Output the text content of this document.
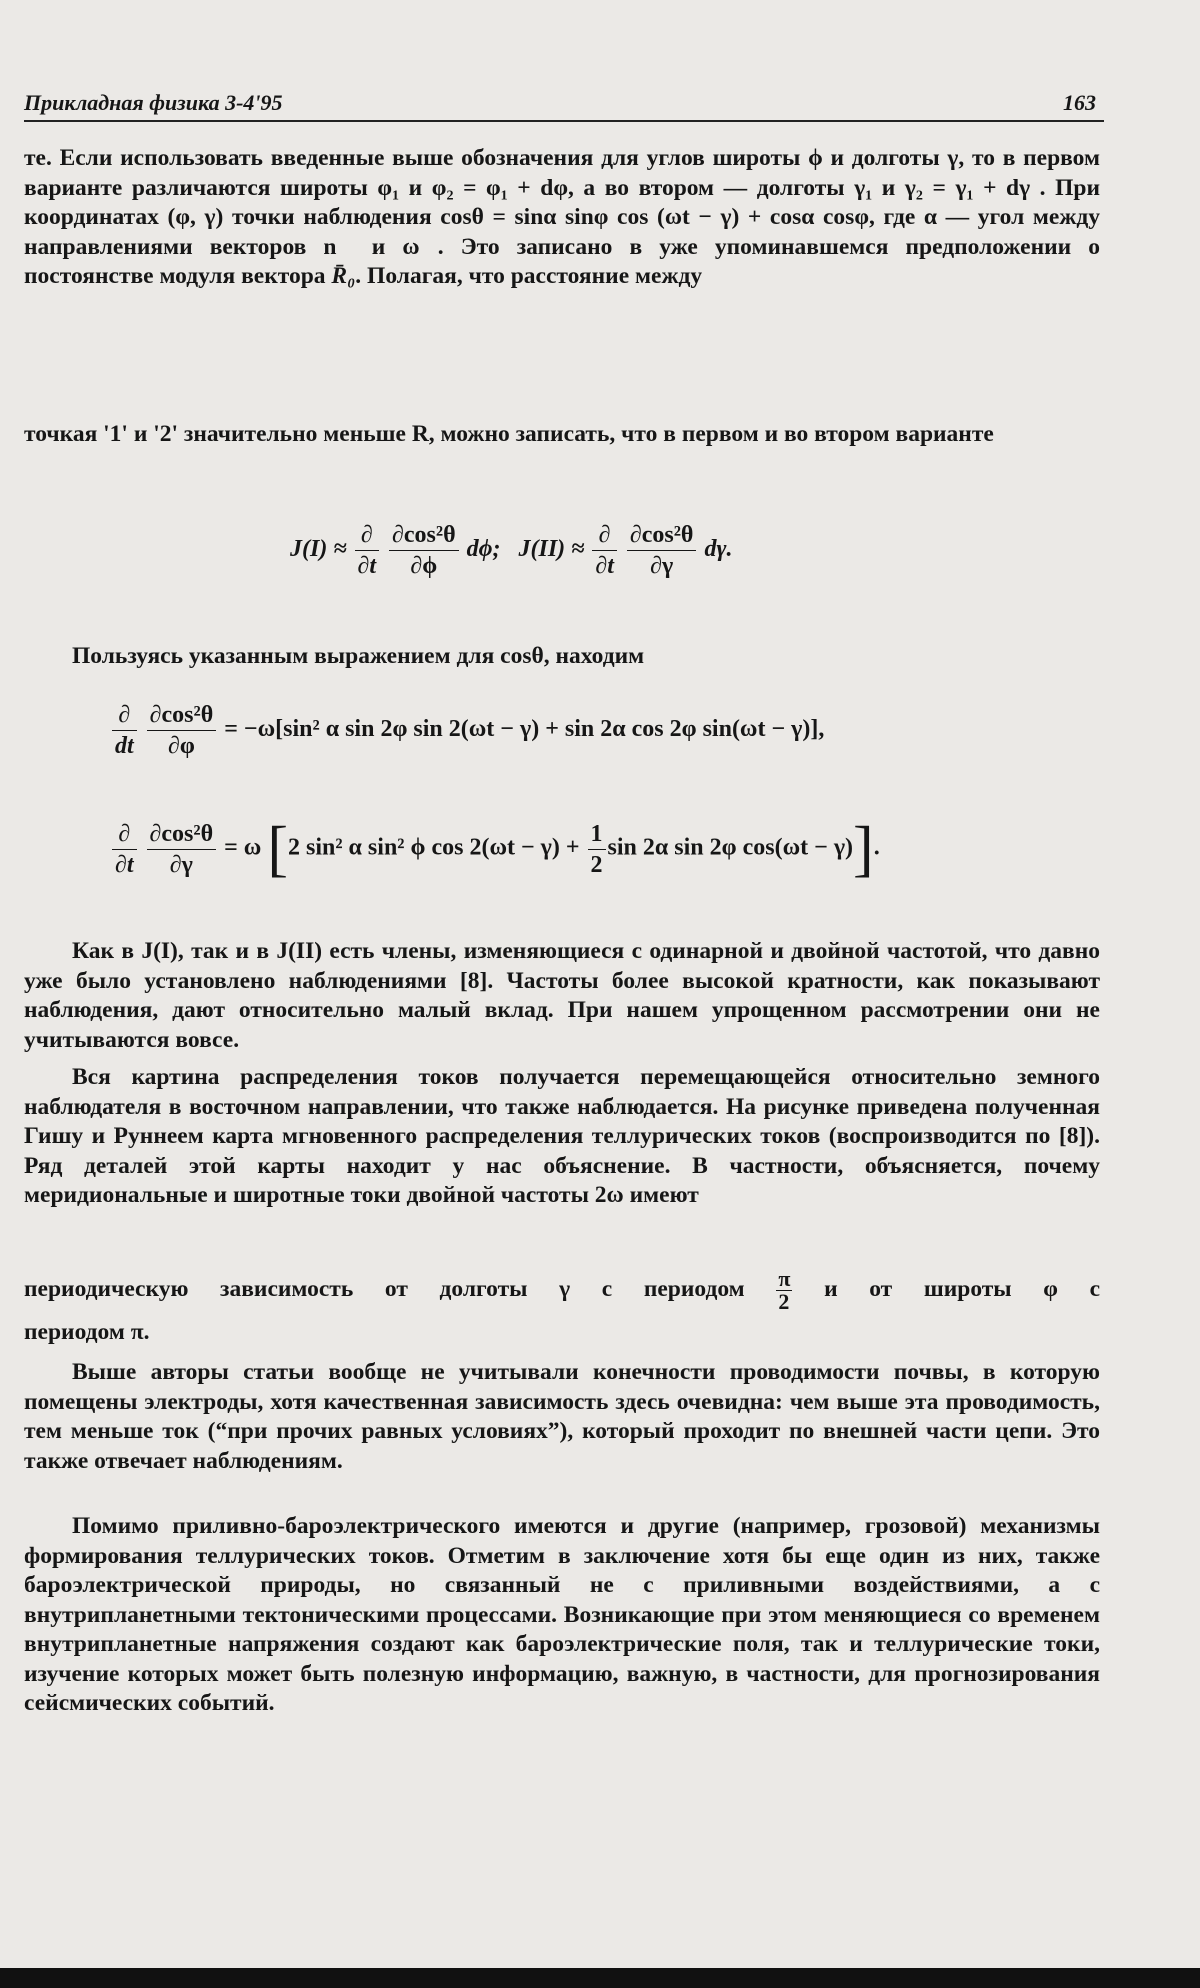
Прикладная физика 3-4'95	163

те. Если использовать введенные выше обозначения для углов широты ϕ и долготы γ, то в первом варианте различаются широты φ₁ и φ₂ = φ₁ + dφ, а во втором — долготы γ₁ и γ₂ = γ₁ + dγ . При координатах (φ, γ) точки наблюдения cosθ = sinα sinφ cos (ωt − γ) + cosα cosφ, где α — угол между направлениями векторов n⃗ и ω⃗. Это записано в уже упоминавшемся предположении о постоянстве модуля вектора R̄₀. Полагая, что расстояние между

точкая '1' и '2' значительно меньше R, можно записать, что в первом и во втором варианте

$J(I) \approx \frac{\partial}{\partial t}$
$\frac{\text{∂cos²θ}}{\partial\phi} d\phi$; $J(II) \approx \frac{\partial}{\partial t}$
$\frac{\text{∂cos²θ}}{\partial\gamma} d\gamma$.

Пользуясь указанным выражением для cosθ, находим

$\frac{\partial}{dt}$
$\frac{\text{∂cos²θ}}{\partial\varphi} = -\omega[\sin^2$ α sin 2φ sin 2(ωt − γ) + sin 2α cos 2φ sin(ωt − γ)],
$\frac{\partial}{\partial t}$
$\frac{\text{∂cos²θ}}{\partial\gamma} = \omega$ [2 sin² α sin² ϕ $\cos 2(\omega t - \gamma) + \frac{1}{2}$ sin 2α sin 2φ cos(ωt − γ)].

Как в J(I), так и в J(II) есть члены, изменяющиеся с одинарной и двойной частотой, что давно уже было установлено наблюдениями [8]. Частоты более высокой кратности, как показывают наблюдения, дают относительно малый вклад. При нашем упрощенном рассмотрении они не учитываются вовсе.

Вся картина распределения токов получается перемещающейся относительно земного наблюдателя в восточном направлении, что также наблюдается. На рисунке приведена полученная Гишу и Руннеем карта мгновенного распределения теллурических токов (воспроизводится по [8]). Ряд деталей этой карты находит у нас объяснение. В частности, объясняется, почему меридиональные и широтные токи двойной частоты 2ω имеют

периодическую зависимость от долготы γ с периодом $\frac{\pi}{2}$ и от широты φ с

периодом π.

Выше авторы статьи вообще не учитывали конечности проводимости почвы, в которую помещены электроды, хотя качественная зависимость здесь очевидна: чем выше эта проводимость, тем меньше ток (“при прочих равных условиях”), который проходит по внешней части цепи. Это также отвечает наблюдениям.

Помимо приливно-бароэлектрического имеются и другие (например, грозовой) механизмы формирования теллурических токов. Отметим в заключение хотя бы еще один из них, также бароэлектрической природы, но связанный не с приливными воздействиями, а с внутрипланетными тектоническими процессами. Возникающие при этом меняющиеся со временем внутрипланетные напряжения создают как бароэлектрические поля, так и теллурические токи, изучение которых может быть полезную информацию, важную, в частности, для прогнозирования сейсмических событий.
